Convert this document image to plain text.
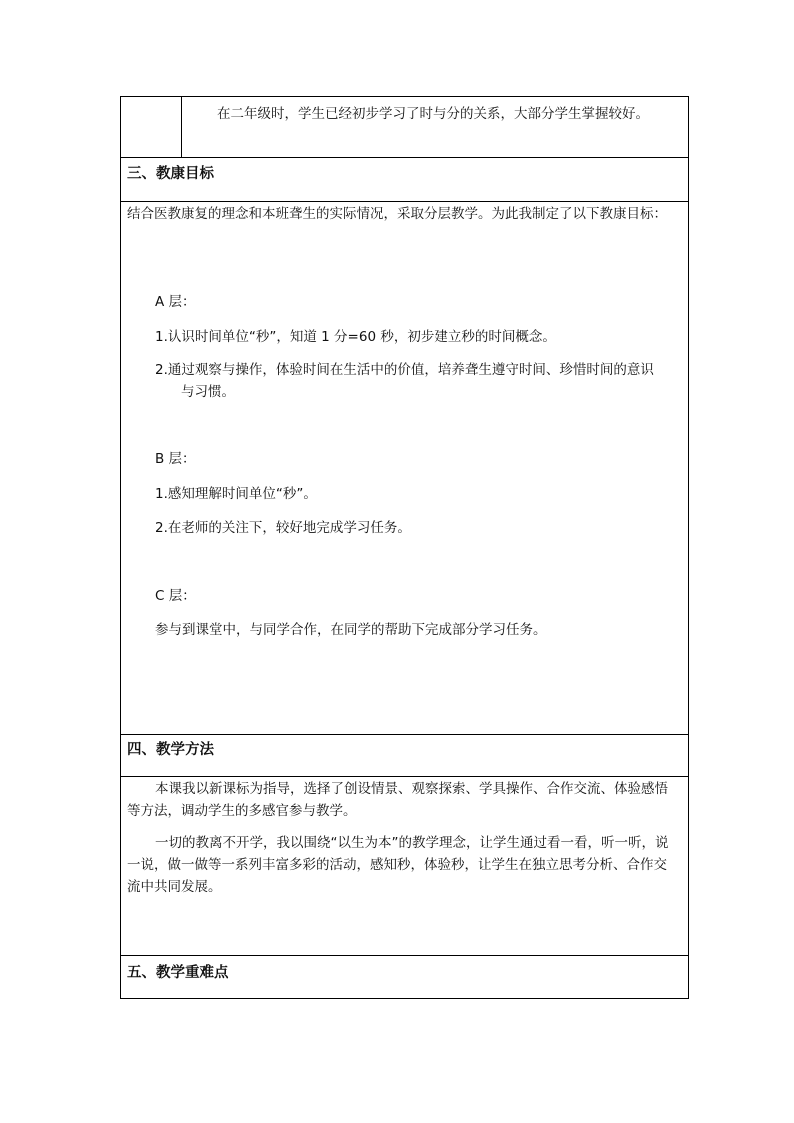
在二年级时，学生已经初步学习了时与分的关系，大部分学生掌握较好。
三、教康目标
结合医教康复的理念和本班聋生的实际情况，采取分层教学。为此我制定了以下教康目标：
A 层：
1.认识时间单位“秒”，知道 1 分=60 秒，初步建立秒的时间概念。
2.通过观察与操作，体验时间在生活中的价值，培养聋生遵守时间、珍惜时间的意识
与习惯。
B 层：
1.感知理解时间单位“秒”。
2.在老师的关注下，较好地完成学习任务。
C 层：
参与到课堂中，与同学合作，在同学的帮助下完成部分学习任务。
四、教学方法
本课我以新课标为指导，选择了创设情景、观察探索、学具操作、合作交流、体验感悟等方法，调动学生的多感官参与教学。
一切的教离不开学，我以围绕“以生为本”的教学理念，让学生通过看一看，听一听，说一说，做一做等一系列丰富多彩的活动，感知秒，体验秒，让学生在独立思考分析、合作交流中共同发展。
五、教学重难点
